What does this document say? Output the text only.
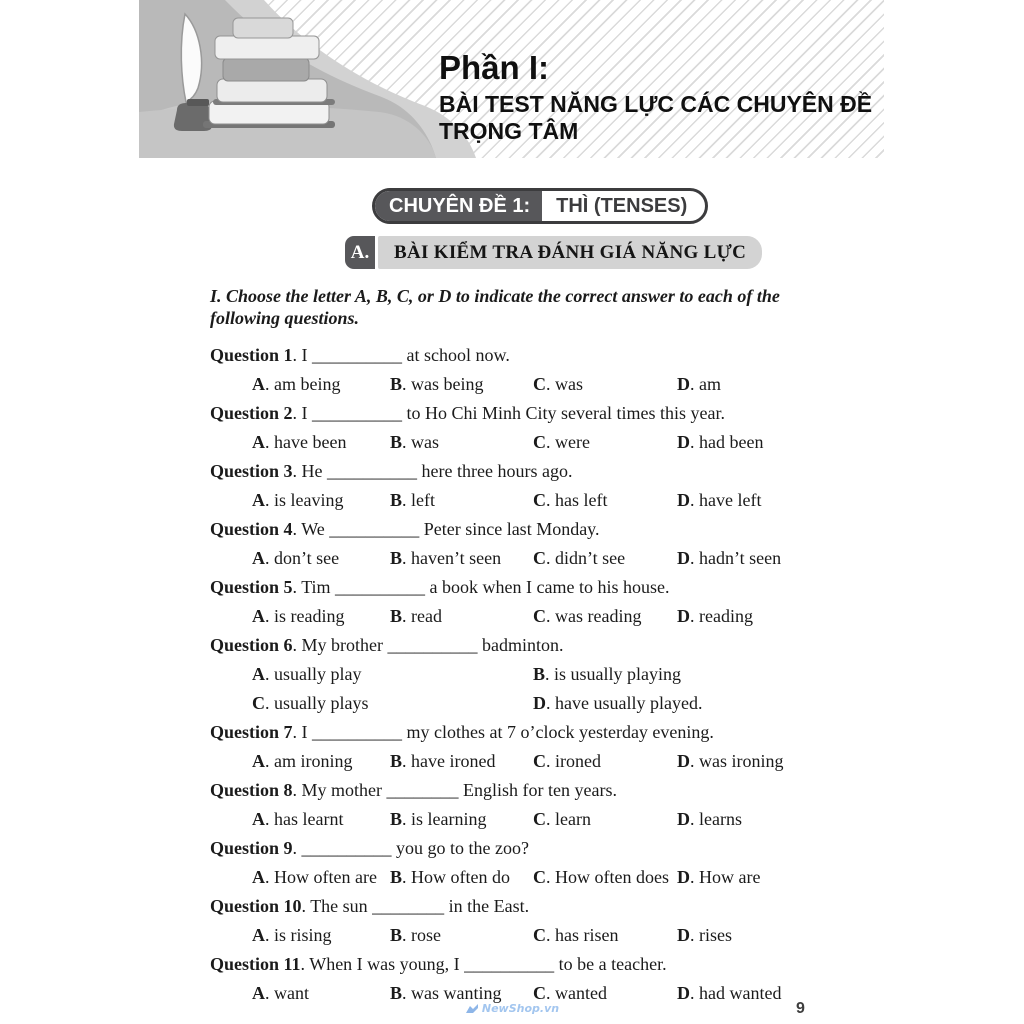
Phần I:
BÀI TEST NĂNG LỰC CÁC CHUYÊN ĐỀ TRỌNG TÂM
CHUYÊN ĐỀ 1:	THÌ (TENSES)
A.	BÀI KIỂM TRA ĐÁNH GIÁ NĂNG LỰC

I. Choose the letter A, B, C, or D to indicate the correct answer to each of the following questions.

Question 1. I __________ at school now.
A. am being	B. was being	C. was	D. am
Question 2. I __________ to Ho Chi Minh City several times this year.
A. have been	B. was	C. were	D. had been
Question 3. He __________ here three hours ago.
A. is leaving	B. left	C. has left	D. have left
Question 4. We __________ Peter since last Monday.
A. don’t see	B. haven’t seen	C. didn’t see	D. hadn’t seen
Question 5. Tim __________ a book when I came to his house.
A. is reading	B. read	C. was reading	D. reading
Question 6. My brother __________ badminton.
A. usually play	B. is usually playing
C. usually plays	D. have usually played.
Question 7. I __________ my clothes at 7 o’clock yesterday evening.
A. am ironing	B. have ironed	C. ironed	D. was ironing
Question 8. My mother ________ English for ten years.
A. has learnt	B. is learning	C. learn	D. learns
Question 9. __________ you go to the zoo?
A. How often are B. How often do	C. How often does D. How are
Question 10. The sun ________ in the East.
A. is rising	B. rose	C. has risen	D. rises
Question 11. When I was young, I __________ to be a teacher.
A. want	B. was wanting	C. wanted	D. had wanted
NewShop.vn	9
